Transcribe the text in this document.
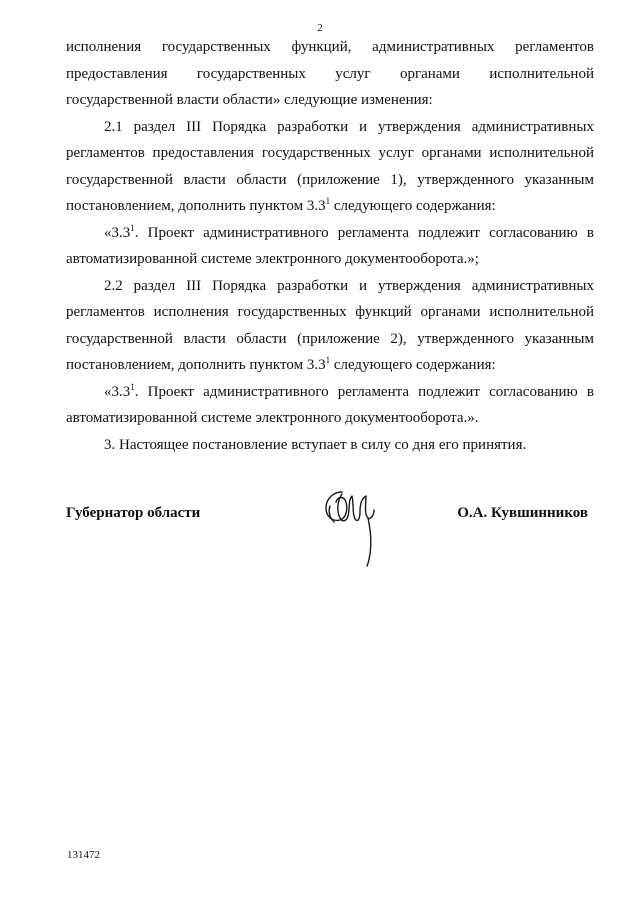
2

исполнения государственных функций, административных регламентов предоставления государственных услуг органами исполнительной государственной власти области» следующие изменения:

2.1 раздел III Порядка разработки и утверждения административных регламентов предоставления государственных услуг органами исполнительной государственной власти области (приложение 1), утвержденного указанным постановлением, дополнить пунктом $3.3^1$ следующего содержания:

«$3.3^1$. Проект административного регламента подлежит согласованию в автоматизированной системе электронного документооборота.»;

2.2 раздел III Порядка разработки и утверждения административных регламентов исполнения государственных функций органами исполнительной государственной власти области (приложение 2), утвержденного указанным постановлением, дополнить пунктом $3.3^1$ следующего содержания:

«$3.3^1$. Проект административного регламента подлежит согласованию в автоматизированной системе электронного документооборота.».

3. Настоящее постановление вступает в силу со дня его принятия.

Губернатор области	О.А. Кувшинников
131472
